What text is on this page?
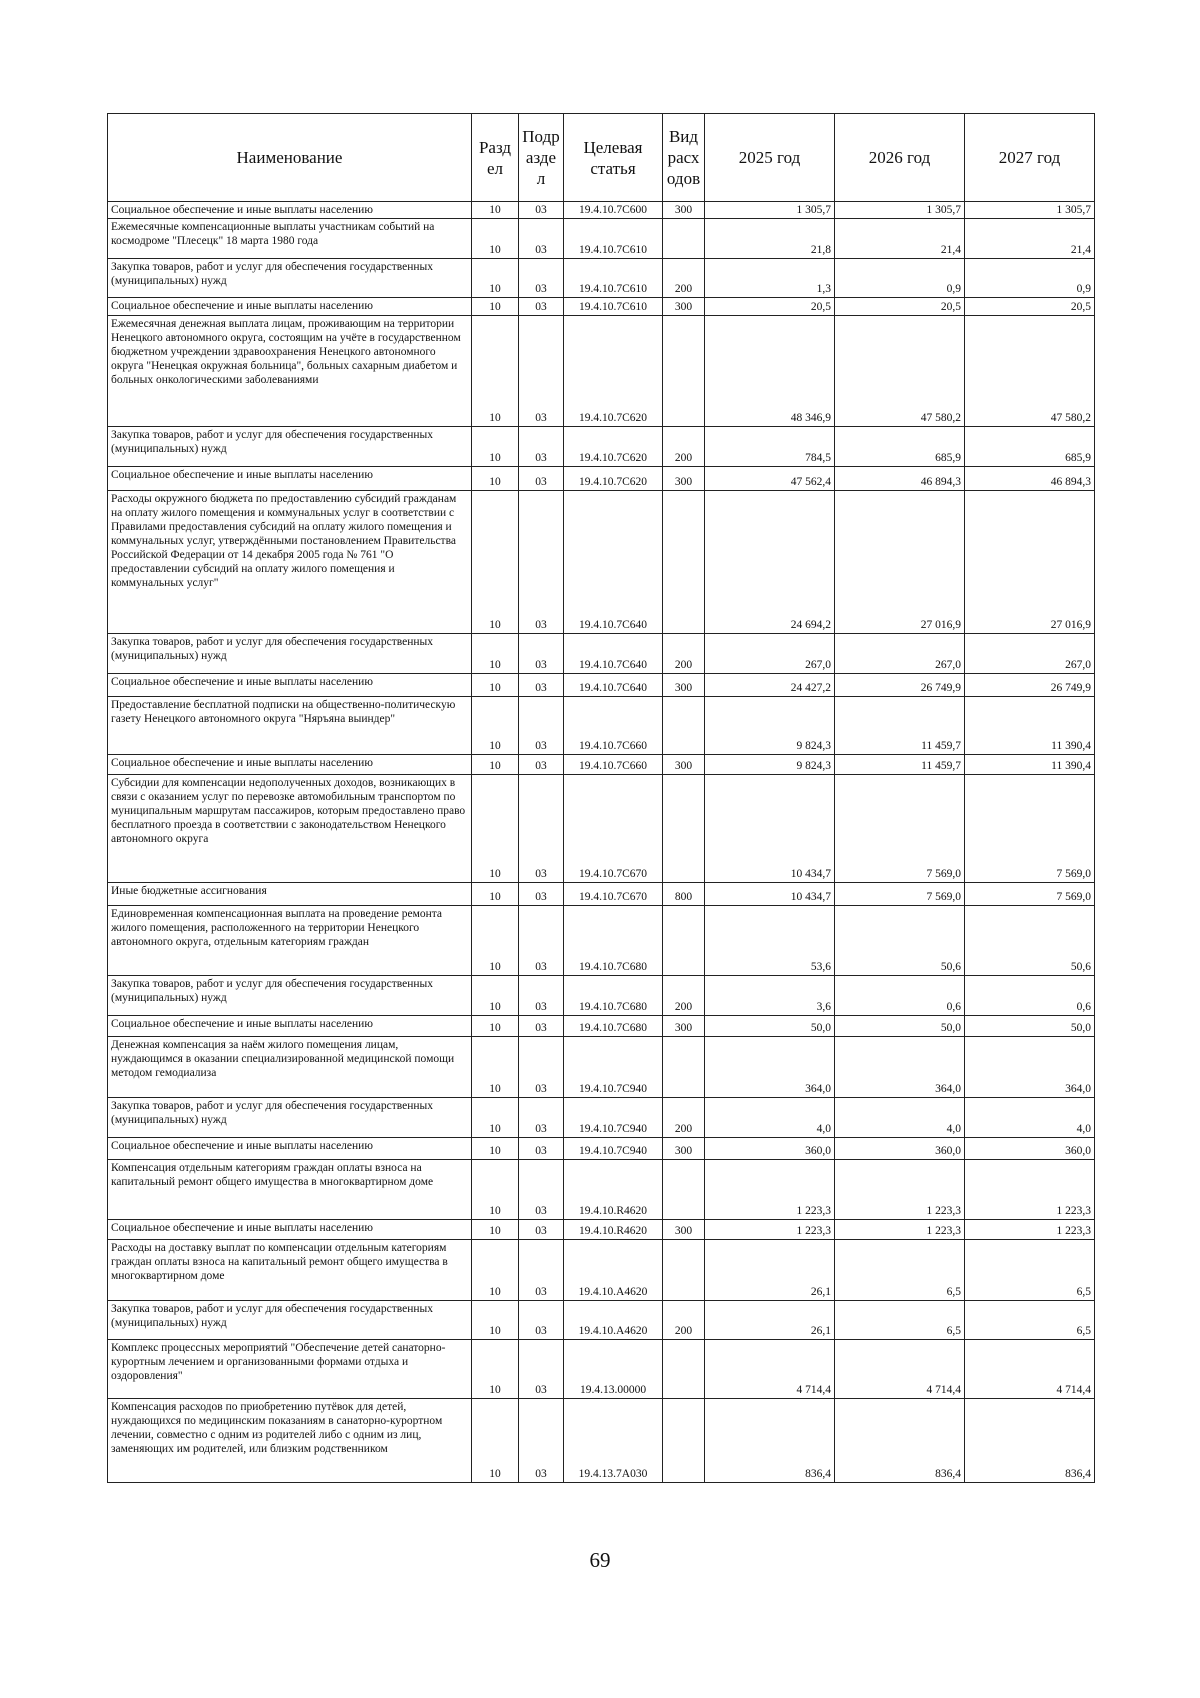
Наименование	Разд ел	Подр азде л	Целевая статья	Вид расх одов	2025 год	2026 год	2027 год
Социальное обеспечение и иные выплаты населению	10	03	19.4.10.7С600	300	1 305,7	1 305,7	1 305,7
Ежемесячные компенсационные выплаты участникам событий на космодроме "Плесецк" 18 марта 1980 года	10	03	19.4.10.7С610		21,8	21,4	21,4
Закупка товаров, работ и услуг для обеспечения государственных (муниципальных) нужд	10	03	19.4.10.7С610	200	1,3	0,9	0,9
Социальное обеспечение и иные выплаты населению	10	03	19.4.10.7С610	300	20,5	20,5	20,5
Ежемесячная денежная выплата лицам, проживающим на территории Ненецкого автономного округа, состоящим на учёте в государственном бюджетном учреждении здравоохранения Ненецкого автономного округа "Ненецкая окружная больница", больных сахарным диабетом и больных онкологическими заболеваниями	10	03	19.4.10.7С620		48 346,9	47 580,2	47 580,2
Закупка товаров, работ и услуг для обеспечения государственных (муниципальных) нужд	10	03	19.4.10.7С620	200	784,5	685,9	685,9
Социальное обеспечение и иные выплаты населению	10	03	19.4.10.7С620	300	47 562,4	46 894,3	46 894,3
Расходы окружного бюджета по предоставлению субсидий гражданам на оплату жилого помещения и коммунальных услуг в соответствии с Правилами предоставления субсидий на оплату жилого помещения и коммунальных услуг, утверждёнными постановлением Правительства Российской Федерации от 14 декабря 2005 года № 761 "О предоставлении субсидий на оплату жилого помещения и коммунальных услуг"	10	03	19.4.10.7С640		24 694,2	27 016,9	27 016,9
Закупка товаров, работ и услуг для обеспечения государственных (муниципальных) нужд	10	03	19.4.10.7С640	200	267,0	267,0	267,0
Социальное обеспечение и иные выплаты населению	10	03	19.4.10.7С640	300	24 427,2	26 749,9	26 749,9
Предоставление бесплатной подписки на общественно-политическую газету Ненецкого автономного округа "Няръяна выиндер"	10	03	19.4.10.7С660		9 824,3	11 459,7	11 390,4
Социальное обеспечение и иные выплаты населению	10	03	19.4.10.7С660	300	9 824,3	11 459,7	11 390,4
Субсидии для компенсации недополученных доходов, возникающих в связи с оказанием услуг по перевозке автомобильным транспортом по муниципальным маршрутам пассажиров, которым предоставлено право бесплатного проезда в соответствии с законодательством Ненецкого автономного округа	10	03	19.4.10.7С670		10 434,7	7 569,0	7 569,0
Иные бюджетные ассигнования	10	03	19.4.10.7С670	800	10 434,7	7 569,0	7 569,0
Единовременная компенсационная выплата на проведение ремонта жилого помещения, расположенного на территории Ненецкого автономного округа, отдельным категориям граждан	10	03	19.4.10.7С680		53,6	50,6	50,6
Закупка товаров, работ и услуг для обеспечения государственных (муниципальных) нужд	10	03	19.4.10.7С680	200	3,6	0,6	0,6
Социальное обеспечение и иные выплаты населению	10	03	19.4.10.7С680	300	50,0	50,0	50,0
Денежная компенсация за наём жилого помещения лицам, нуждающимся в оказании специализированной медицинской помощи методом гемодиализа	10	03	19.4.10.7С940		364,0	364,0	364,0
Закупка товаров, работ и услуг для обеспечения государственных (муниципальных) нужд	10	03	19.4.10.7С940	200	4,0	4,0	4,0
Социальное обеспечение и иные выплаты населению	10	03	19.4.10.7С940	300	360,0	360,0	360,0
Компенсация отдельным категориям граждан оплаты взноса на капитальный ремонт общего имущества в многоквартирном доме	10	03	19.4.10.R4620		1 223,3	1 223,3	1 223,3
Социальное обеспечение и иные выплаты населению	10	03	19.4.10.R4620	300	1 223,3	1 223,3	1 223,3
Расходы на доставку выплат по компенсации отдельным категориям граждан оплаты взноса на капитальный ремонт общего имущества в многоквартирном доме	10	03	19.4.10.А4620		26,1	6,5	6,5
Закупка товаров, работ и услуг для обеспечения государственных (муниципальных) нужд	10	03	19.4.10.А4620	200	26,1	6,5	6,5
Комплекс процессных мероприятий "Обеспечение детей санаторно-курортным лечением и организованными формами отдыха и оздоровления"	10	03	19.4.13.00000		4 714,4	4 714,4	4 714,4
Компенсация расходов по приобретению путёвок для детей, нуждающихся по медицинским показаниям в санаторно-курортном лечении, совместно с одним из родителей либо с одним из лиц, заменяющих им родителей, или близким родственником	10	03	19.4.13.7А030		836,4	836,4	836,4
69
